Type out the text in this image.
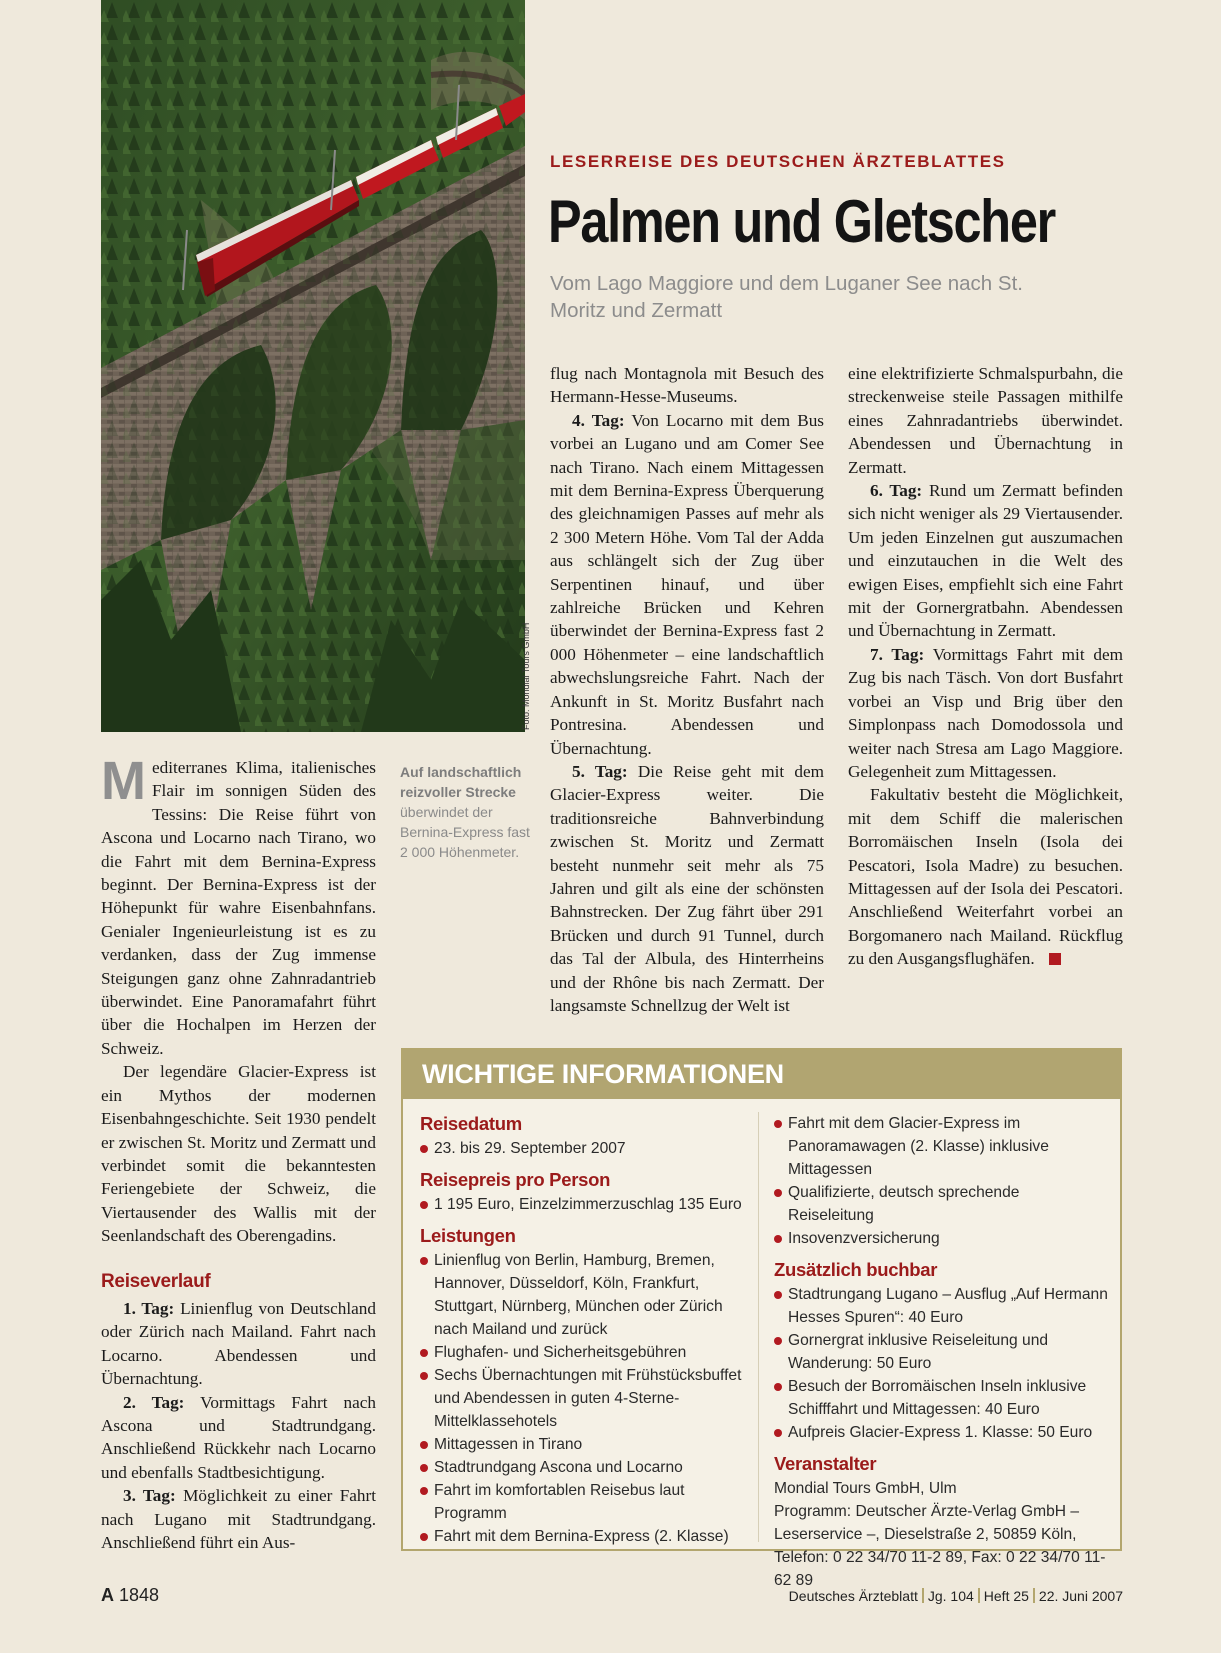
Foto: Mondial Tours GmbH
LESERREISE DES DEUTSCHEN ÄRZTEBLATTES
Palmen und Gletscher
Vom Lago Maggiore und dem Luganer See nach St. Moritz und Zermatt
Auf landschaftlich reizvoller Strecke
überwindet der Bernina-Express fast 2 000 Höhenmeter.

Mediterranes Klima, italienisches Flair im sonnigen Süden des Tessins: Die Reise führt von Ascona und Locarno nach Tirano, wo die Fahrt mit dem Bernina-Express beginnt. Der Bernina-Express ist der Höhepunkt für wahre Eisenbahnfans. Genialer Ingenieurleistung ist es zu verdanken, dass der Zug immense Steigungen ganz ohne Zahnradantrieb überwindet. Eine Panoramafahrt führt über die Hochalpen im Herzen der Schweiz.

Der legendäre Glacier-Express ist ein Mythos der modernen Eisenbahngeschichte. Seit 1930 pendelt er zwischen St. Moritz und Zermatt und verbindet somit die bekanntesten Feriengebiete der Schweiz, die Viertausender des Wallis mit der Seenlandschaft des Oberengadins.

Reiseverlauf

1. Tag: Linienflug von Deutschland oder Zürich nach Mailand. Fahrt nach Locarno. Abendessen und Übernachtung.

2. Tag: Vormittags Fahrt nach Ascona und Stadtrundgang. Anschließend Rückkehr nach Locarno und ebenfalls Stadtbesichtigung.

3. Tag: Möglichkeit zu einer Fahrt nach Lugano mit Stadtrundgang. Anschließend führt ein Aus-

flug nach Montagnola mit Besuch des Hermann-Hesse-Museums.

4. Tag: Von Locarno mit dem Bus vorbei an Lugano und am Comer See nach Tirano. Nach einem Mittagessen mit dem Bernina-Express Überquerung des gleichnamigen Passes auf mehr als 2 300 Metern Höhe. Vom Tal der Adda aus schlängelt sich der Zug über Serpentinen hinauf, und über zahlreiche Brücken und Kehren überwindet der Bernina-Express fast 2 000 Höhenmeter – eine landschaftlich abwechslungsreiche Fahrt. Nach der Ankunft in St. Moritz Busfahrt nach Pontresina. Abendessen und Übernachtung.

5. Tag: Die Reise geht mit dem Glacier-Express weiter. Die traditionsreiche Bahnverbindung zwischen St. Moritz und Zermatt besteht nunmehr seit mehr als 75 Jahren und gilt als eine der schönsten Bahnstrecken. Der Zug fährt über 291 Brücken und durch 91 Tunnel, durch das Tal der Albula, des Hinterrheins und der Rhône bis nach Zermatt. Der langsamste Schnellzug der Welt ist

eine elektrifizierte Schmalspurbahn, die streckenweise steile Passagen mithilfe eines Zahnradantriebs überwindet. Abendessen und Übernachtung in Zermatt.

6. Tag: Rund um Zermatt befinden sich nicht weniger als 29 Viertausender. Um jeden Einzelnen gut auszumachen und einzutauchen in die Welt des ewigen Eises, empfiehlt sich eine Fahrt mit der Gornergratbahn. Abendessen und Übernachtung in Zermatt.

7. Tag: Vormittags Fahrt mit dem Zug bis nach Täsch. Von dort Busfahrt vorbei an Visp und Brig über den Simplonpass nach Domodossola und weiter nach Stresa am Lago Maggiore. Gelegenheit zum Mittagessen.

Fakultativ besteht die Möglichkeit, mit dem Schiff die malerischen Borromäischen Inseln (Isola dei Pescatori, Isola Madre) zu besuchen. Mittagessen auf der Isola dei Pescatori. Anschließend Weiterfahrt vorbei an Borgomanero nach Mailand. Rückflug zu den Ausgangsflughäfen.

WICHTIGE INFORMATIONEN
Reisedatum
23. bis 29. September 2007
Reisepreis pro Person
1 195 Euro, Einzelzimmerzuschlag 135 Euro
Leistungen
Linienflug von Berlin, Hamburg, Bremen, Hannover, Düsseldorf, Köln, Frankfurt, Stuttgart, Nürnberg, München oder Zürich nach Mailand und zurück
Flughafen- und Sicherheitsgebühren
Sechs Übernachtungen mit Frühstücksbuffet und Abendessen in guten 4-Sterne-Mittelklassehotels
Mittagessen in Tirano
Stadtrundgang Ascona und Locarno
Fahrt im komfortablen Reisebus laut Programm
Fahrt mit dem Bernina-Express (2. Klasse)
Fahrt mit dem Glacier-Express im Panoramawagen (2. Klasse) inklusive Mittagessen
Qualifizierte, deutsch sprechende Reiseleitung
Insovenzversicherung
Zusätzlich buchbar
Stadtrungang Lugano – Ausflug „Auf Hermann Hesses Spuren“: 40 Euro
Gornergrat inklusive Reiseleitung und Wanderung: 50 Euro
Besuch der Borromäischen Inseln inklusive Schifffahrt und Mittagessen: 40 Euro
Aufpreis Glacier-Express 1. Klasse: 50 Euro
Veranstalter
Mondial Tours GmbH, Ulm
Programm: Deutscher Ärzte-Verlag GmbH – Leserservice –, Dieselstraße 2, 50859 Köln, Telefon: 0 22 34/70 11-2 89, Fax: 0 22 34/70 11-62 89
A 1848	Deutsches Ärzteblatt Jg. 104 Heft 25 22. Juni 2007
